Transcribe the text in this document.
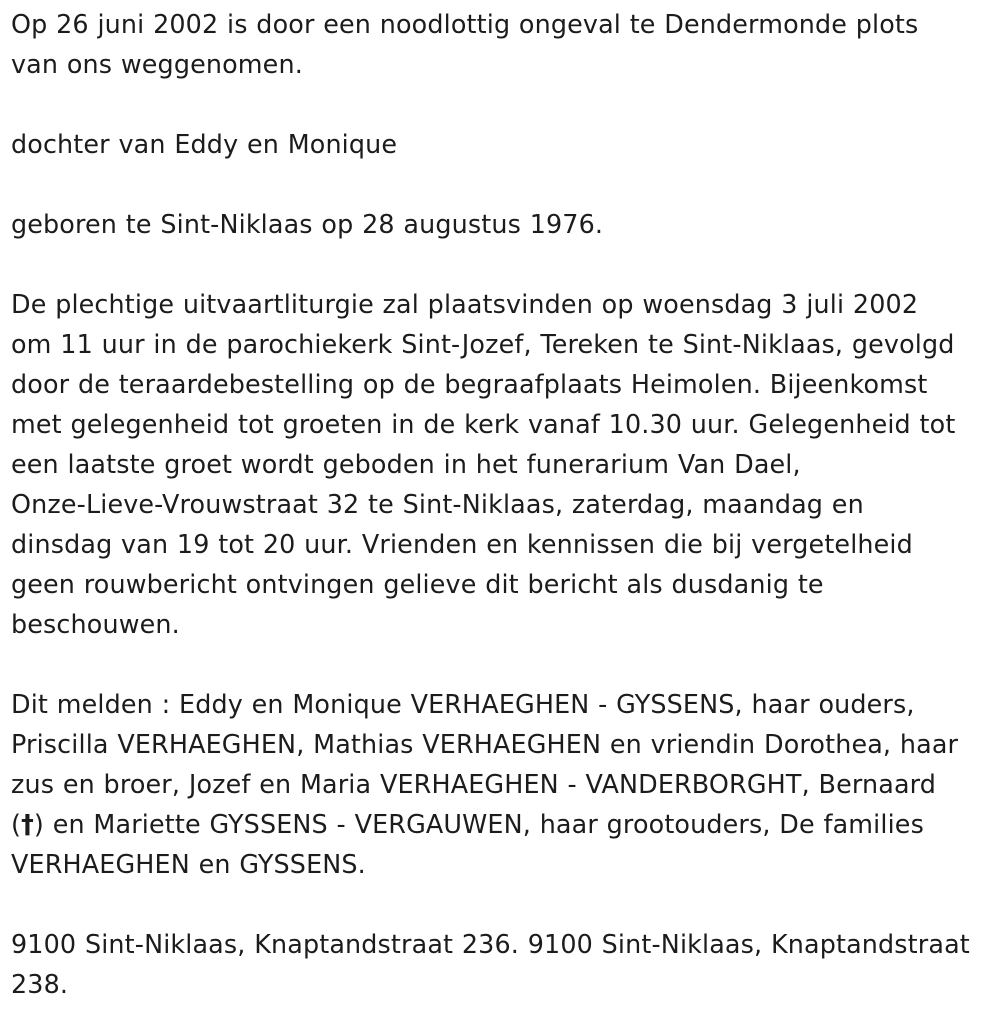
Op 26 juni 2002 is door een noodlottig ongeval te Dendermonde plots
van ons weggenomen.

dochter van Eddy en Monique

geboren te Sint-Niklaas op 28 augustus 1976.

De plechtige uitvaartliturgie zal plaatsvinden op woensdag 3 juli 2002
om 11 uur in de parochiekerk Sint-Jozef, Tereken te Sint-Niklaas, gevolgd
door de teraardebestelling op de begraafplaats Heimolen. Bijeenkomst
met gelegenheid tot groeten in de kerk vanaf 10.30 uur. Gelegenheid tot
een laatste groet wordt geboden in het funerarium Van Dael,
Onze-Lieve-Vrouwstraat 32 te Sint-Niklaas, zaterdag, maandag en
dinsdag van 19 tot 20 uur. Vrienden en kennissen die bij vergetelheid
geen rouwbericht ontvingen gelieve dit bericht als dusdanig te
beschouwen.

Dit melden : Eddy en Monique VERHAEGHEN - GYSSENS, haar ouders,
Priscilla VERHAEGHEN, Mathias VERHAEGHEN en vriendin Dorothea, haar
zus en broer, Jozef en Maria VERHAEGHEN - VANDERBORGHT, Bernaard
(†) en Mariette GYSSENS - VERGAUWEN, haar grootouders, De families
VERHAEGHEN en GYSSENS.

9100 Sint-Niklaas, Knaptandstraat 236. 9100 Sint-Niklaas, Knaptandstraat
238.
